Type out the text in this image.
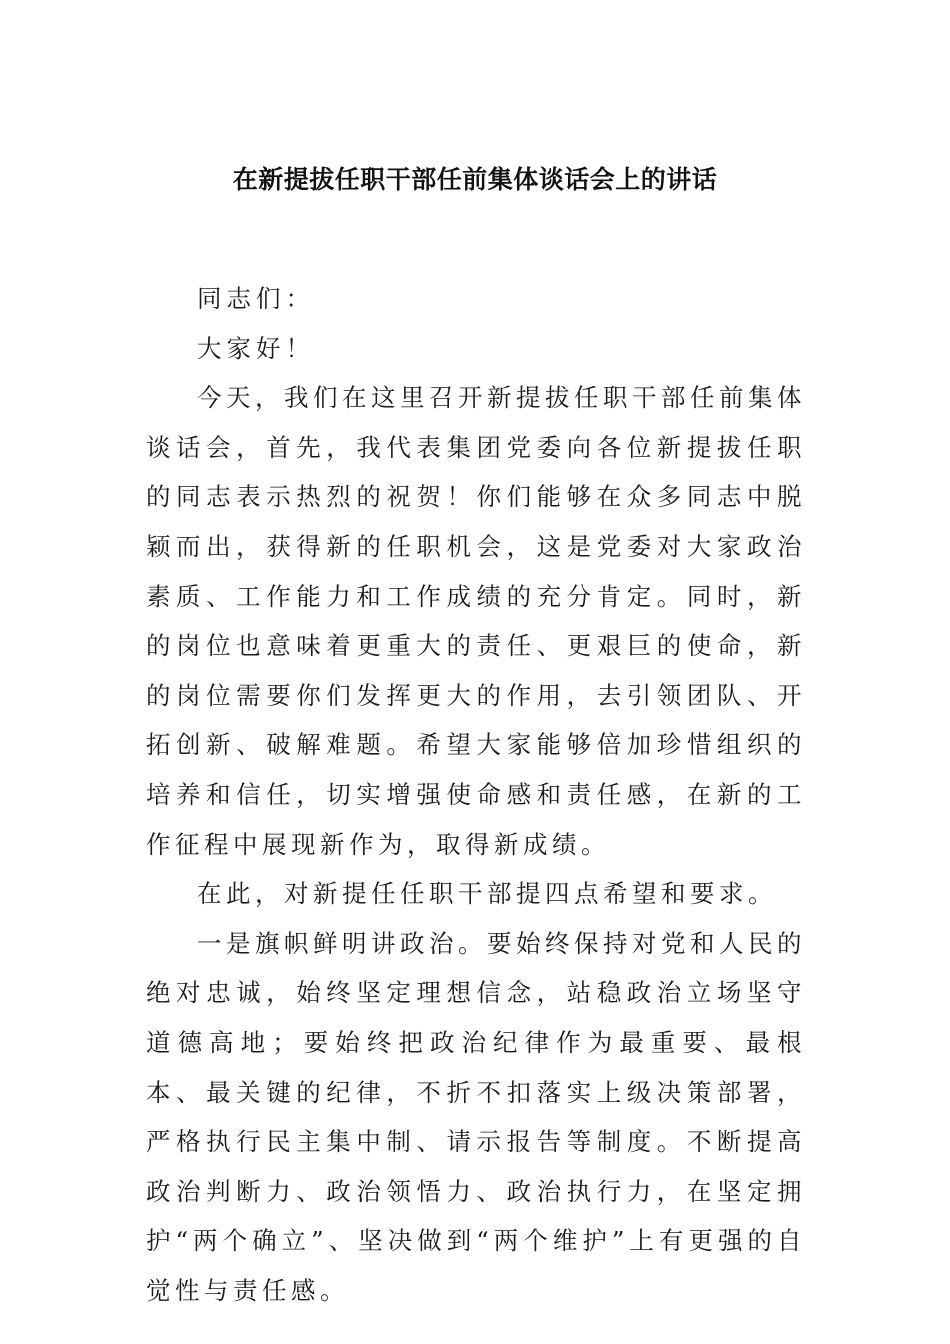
在新提拔任职干部任前集体谈话会上的讲话

同志们：

大家好！

今天，我们在这里召开新提拔任职干部任前集体谈话会，首先，我代表集团党委向各位新提拔任职的同志表示热烈的祝贺！你们能够在众多同志中脱颖而出，获得新的任职机会，这是党委对大家政治素质、工作能力和工作成绩的充分肯定。同时，新的岗位也意味着更重大的责任、更艰巨的使命，新的岗位需要你们发挥更大的作用，去引领团队、开拓创新、破解难题。希望大家能够倍加珍惜组织的培养和信任，切实增强使命感和责任感，在新的工作征程中展现新作为，取得新成绩。

在此，对新提任任职干部提四点希望和要求。

一是旗帜鲜明讲政治。要始终保持对党和人民的绝对忠诚，始终坚定理想信念，站稳政治立场坚守道德高地；要始终把政治纪律作为最重要、最根本、最关键的纪律，不折不扣落实上级决策部署，严格执行民主集中制、请示报告等制度。不断提高政治判断力、政治领悟力、政治执行力，在坚定拥护“两个确立”、坚决做到“两个维护”上有更强的自觉性与责任感。
